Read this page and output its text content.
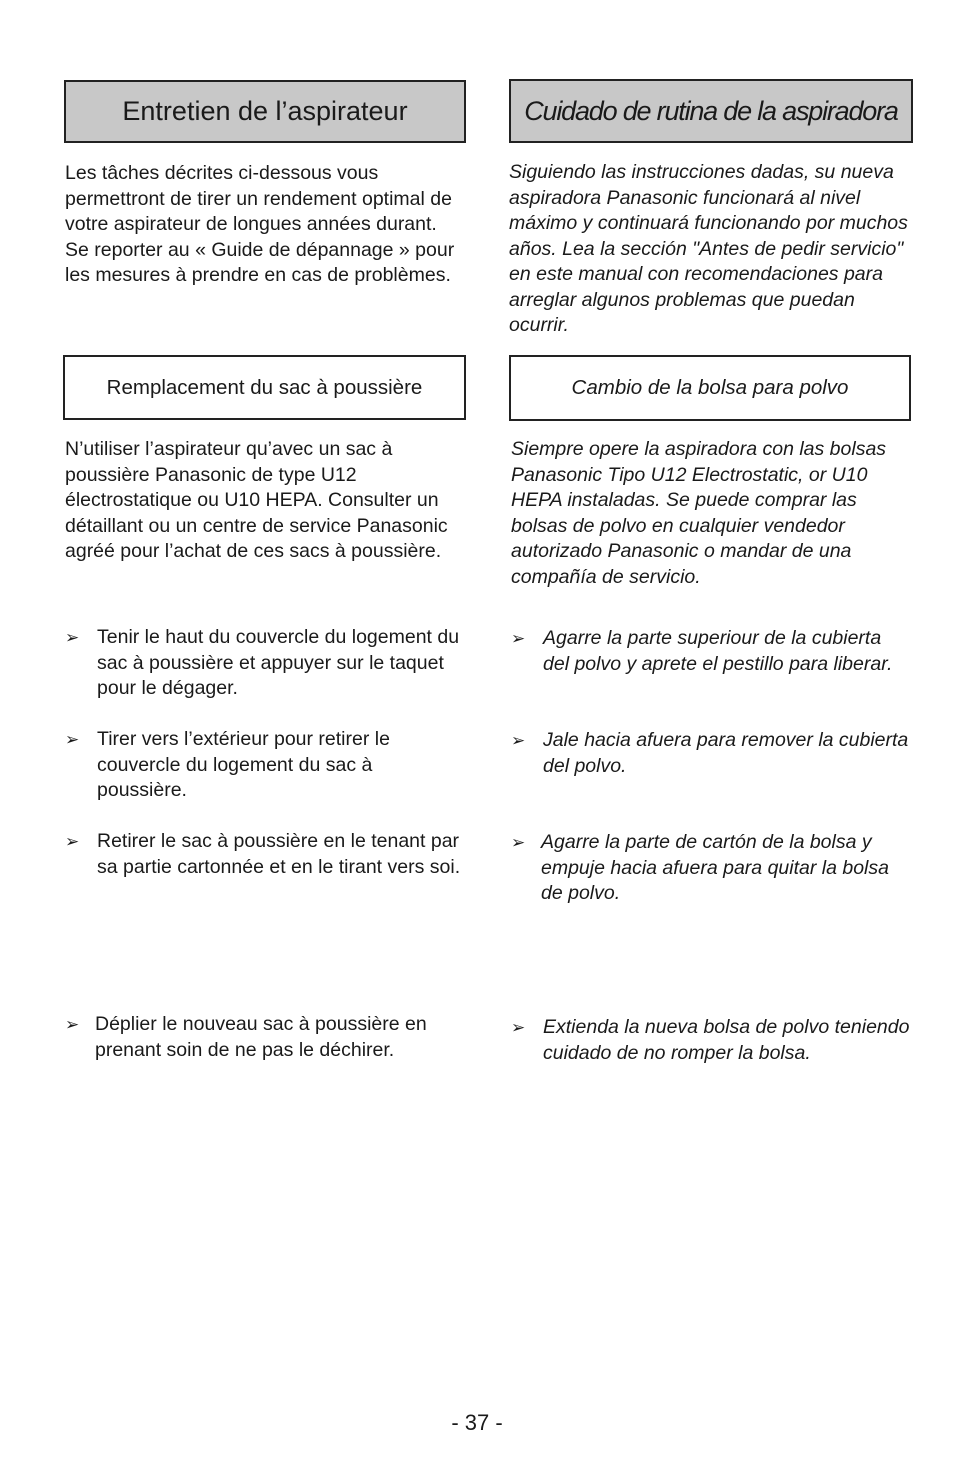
Entretien de l’aspirateur

Les tâches décrites ci-dessous vous permettront de tirer un rendement optimal de votre aspirateur de longues années durant. Se reporter au « Guide de dépannage » pour les mesures à prendre en cas de problèmes.

Remplacement du sac à poussière

N’utiliser l’aspirateur qu’avec un sac à poussière Panasonic de type U12 électrostatique ou U10 HEPA. Consulter un détaillant ou un centre de service Panasonic agréé pour l’achat de ces sacs à poussière.

➢ Tenir le haut du couvercle du logement du sac à poussière et appuyer sur le taquet pour le dégager.
➢ Tirer vers l’extérieur pour retirer le couvercle du logement du sac à poussière.
➢ Retirer le sac à poussière en le tenant par sa partie cartonnée et en le tirant vers soi.
➢ Déplier le nouveau sac à poussière en prenant soin de ne pas le déchirer.
Cuidado de rutina de la aspiradora

Siguiendo las instrucciones dadas, su nueva aspiradora Panasonic funcionará al nivel máximo y continuará funcionando por muchos años. Lea la sección "Antes de pedir servicio" en este manual con recomendaciones para arreglar algunos problemas que puedan ocurrir.

Cambio de la bolsa para polvo

Siempre opere la aspiradora con las bolsas Panasonic Tipo U12 Electrostatic, or U10 HEPA instaladas. Se puede comprar las bolsas de polvo en cualquier vendedor autorizado Panasonic o mandar de una compañía de servicio.

➢ Agarre la parte superiour de la cubierta del polvo y aprete el pestillo para liberar.
➢ Jale hacia afuera para remover la cubierta del polvo.
➢ Agarre la parte de cartón de la bolsa y empuje hacia afuera para quitar la bolsa de polvo.
➢ Extienda la nueva bolsa de polvo teniendo cuidado de no romper la bolsa.
- 37 -
